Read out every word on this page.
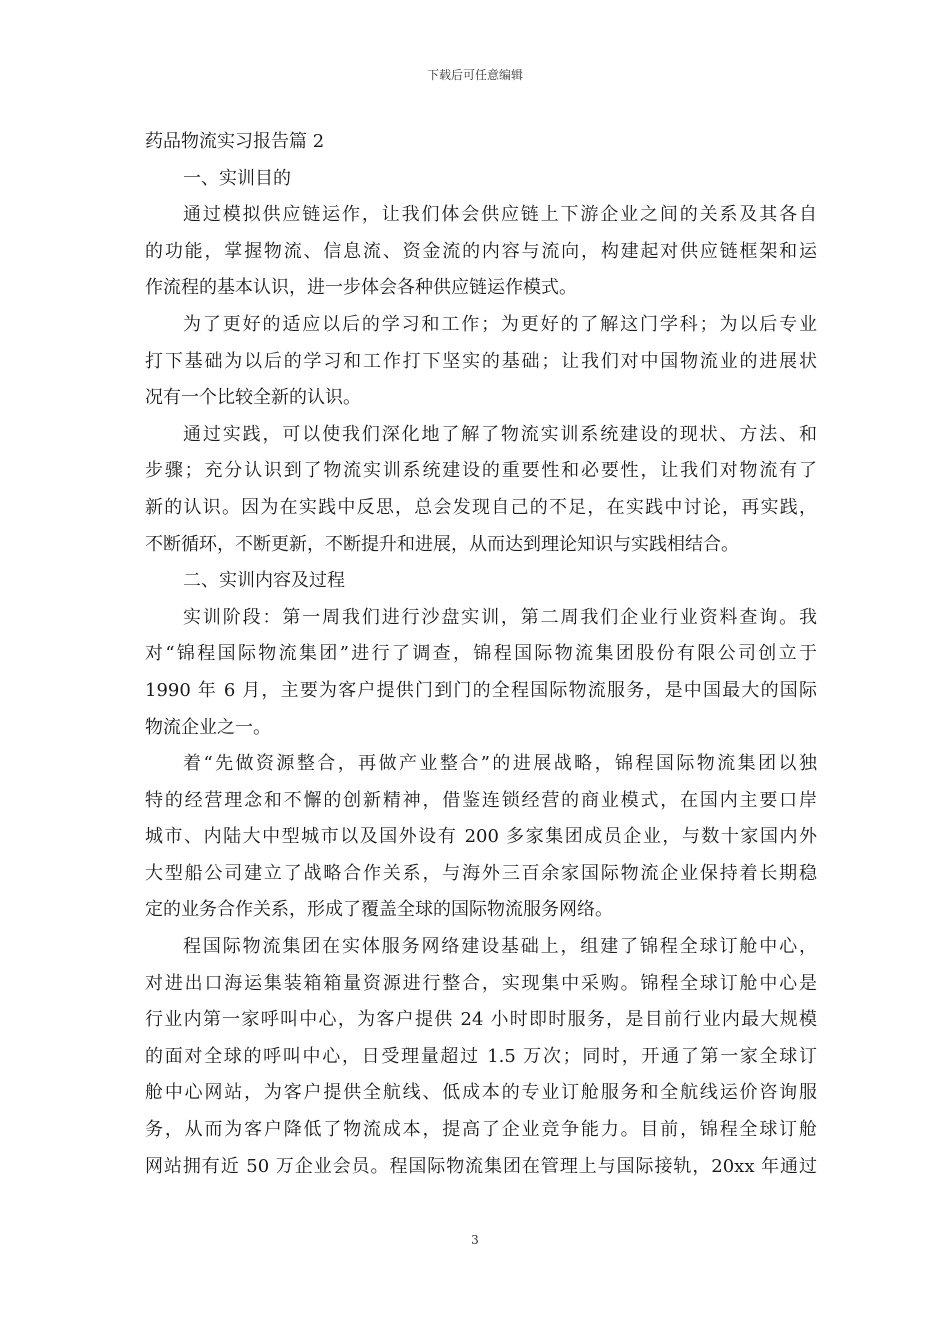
下载后可任意编辑
药品物流实习报告篇 2
一、实训目的
通过模拟供应链运作，让我们体会供应链上下游企业之间的关系及其各自
的功能，掌握物流、信息流、资金流的内容与流向，构建起对供应链框架和运
作流程的基本认识，进一步体会各种供应链运作模式。
为了更好的适应以后的学习和工作；为更好的了解这门学科；为以后专业
打下基础为以后的学习和工作打下坚实的基础；让我们对中国物流业的进展状
况有一个比较全新的认识。
通过实践，可以使我们深化地了解了物流实训系统建设的现状、方法、和
步骤；充分认识到了物流实训系统建设的重要性和必要性，让我们对物流有了
新的认识。因为在实践中反思，总会发现自己的不足，在实践中讨论，再实践，
不断循环，不断更新，不断提升和进展，从而达到理论知识与实践相结合。
二、实训内容及过程
实训阶段：第一周我们进行沙盘实训，第二周我们企业行业资料查询。我
对“锦程国际物流集团”进行了调查，锦程国际物流集团股份有限公司创立于
1990 年 6 月，主要为客户提供门到门的全程国际物流服务，是中国最大的国际
物流企业之一。
着“先做资源整合，再做产业整合”的进展战略，锦程国际物流集团以独
特的经营理念和不懈的创新精神，借鉴连锁经营的商业模式，在国内主要口岸
城市、内陆大中型城市以及国外设有 200 多家集团成员企业，与数十家国内外
大型船公司建立了战略合作关系，与海外三百余家国际物流企业保持着长期稳
定的业务合作关系，形成了覆盖全球的国际物流服务网络。
程国际物流集团在实体服务网络建设基础上，组建了锦程全球订舱中心，
对进出口海运集装箱箱量资源进行整合，实现集中采购。锦程全球订舱中心是
行业内第一家呼叫中心，为客户提供 24 小时即时服务，是目前行业内最大规模
的面对全球的呼叫中心，日受理量超过 1.5 万次；同时，开通了第一家全球订
舱中心网站，为客户提供全航线、低成本的专业订舱服务和全航线运价咨询服
务，从而为客户降低了物流成本，提高了企业竞争能力。目前，锦程全球订舱
网站拥有近 50 万企业会员。程国际物流集团在管理上与国际接轨，20xx 年通过
3
